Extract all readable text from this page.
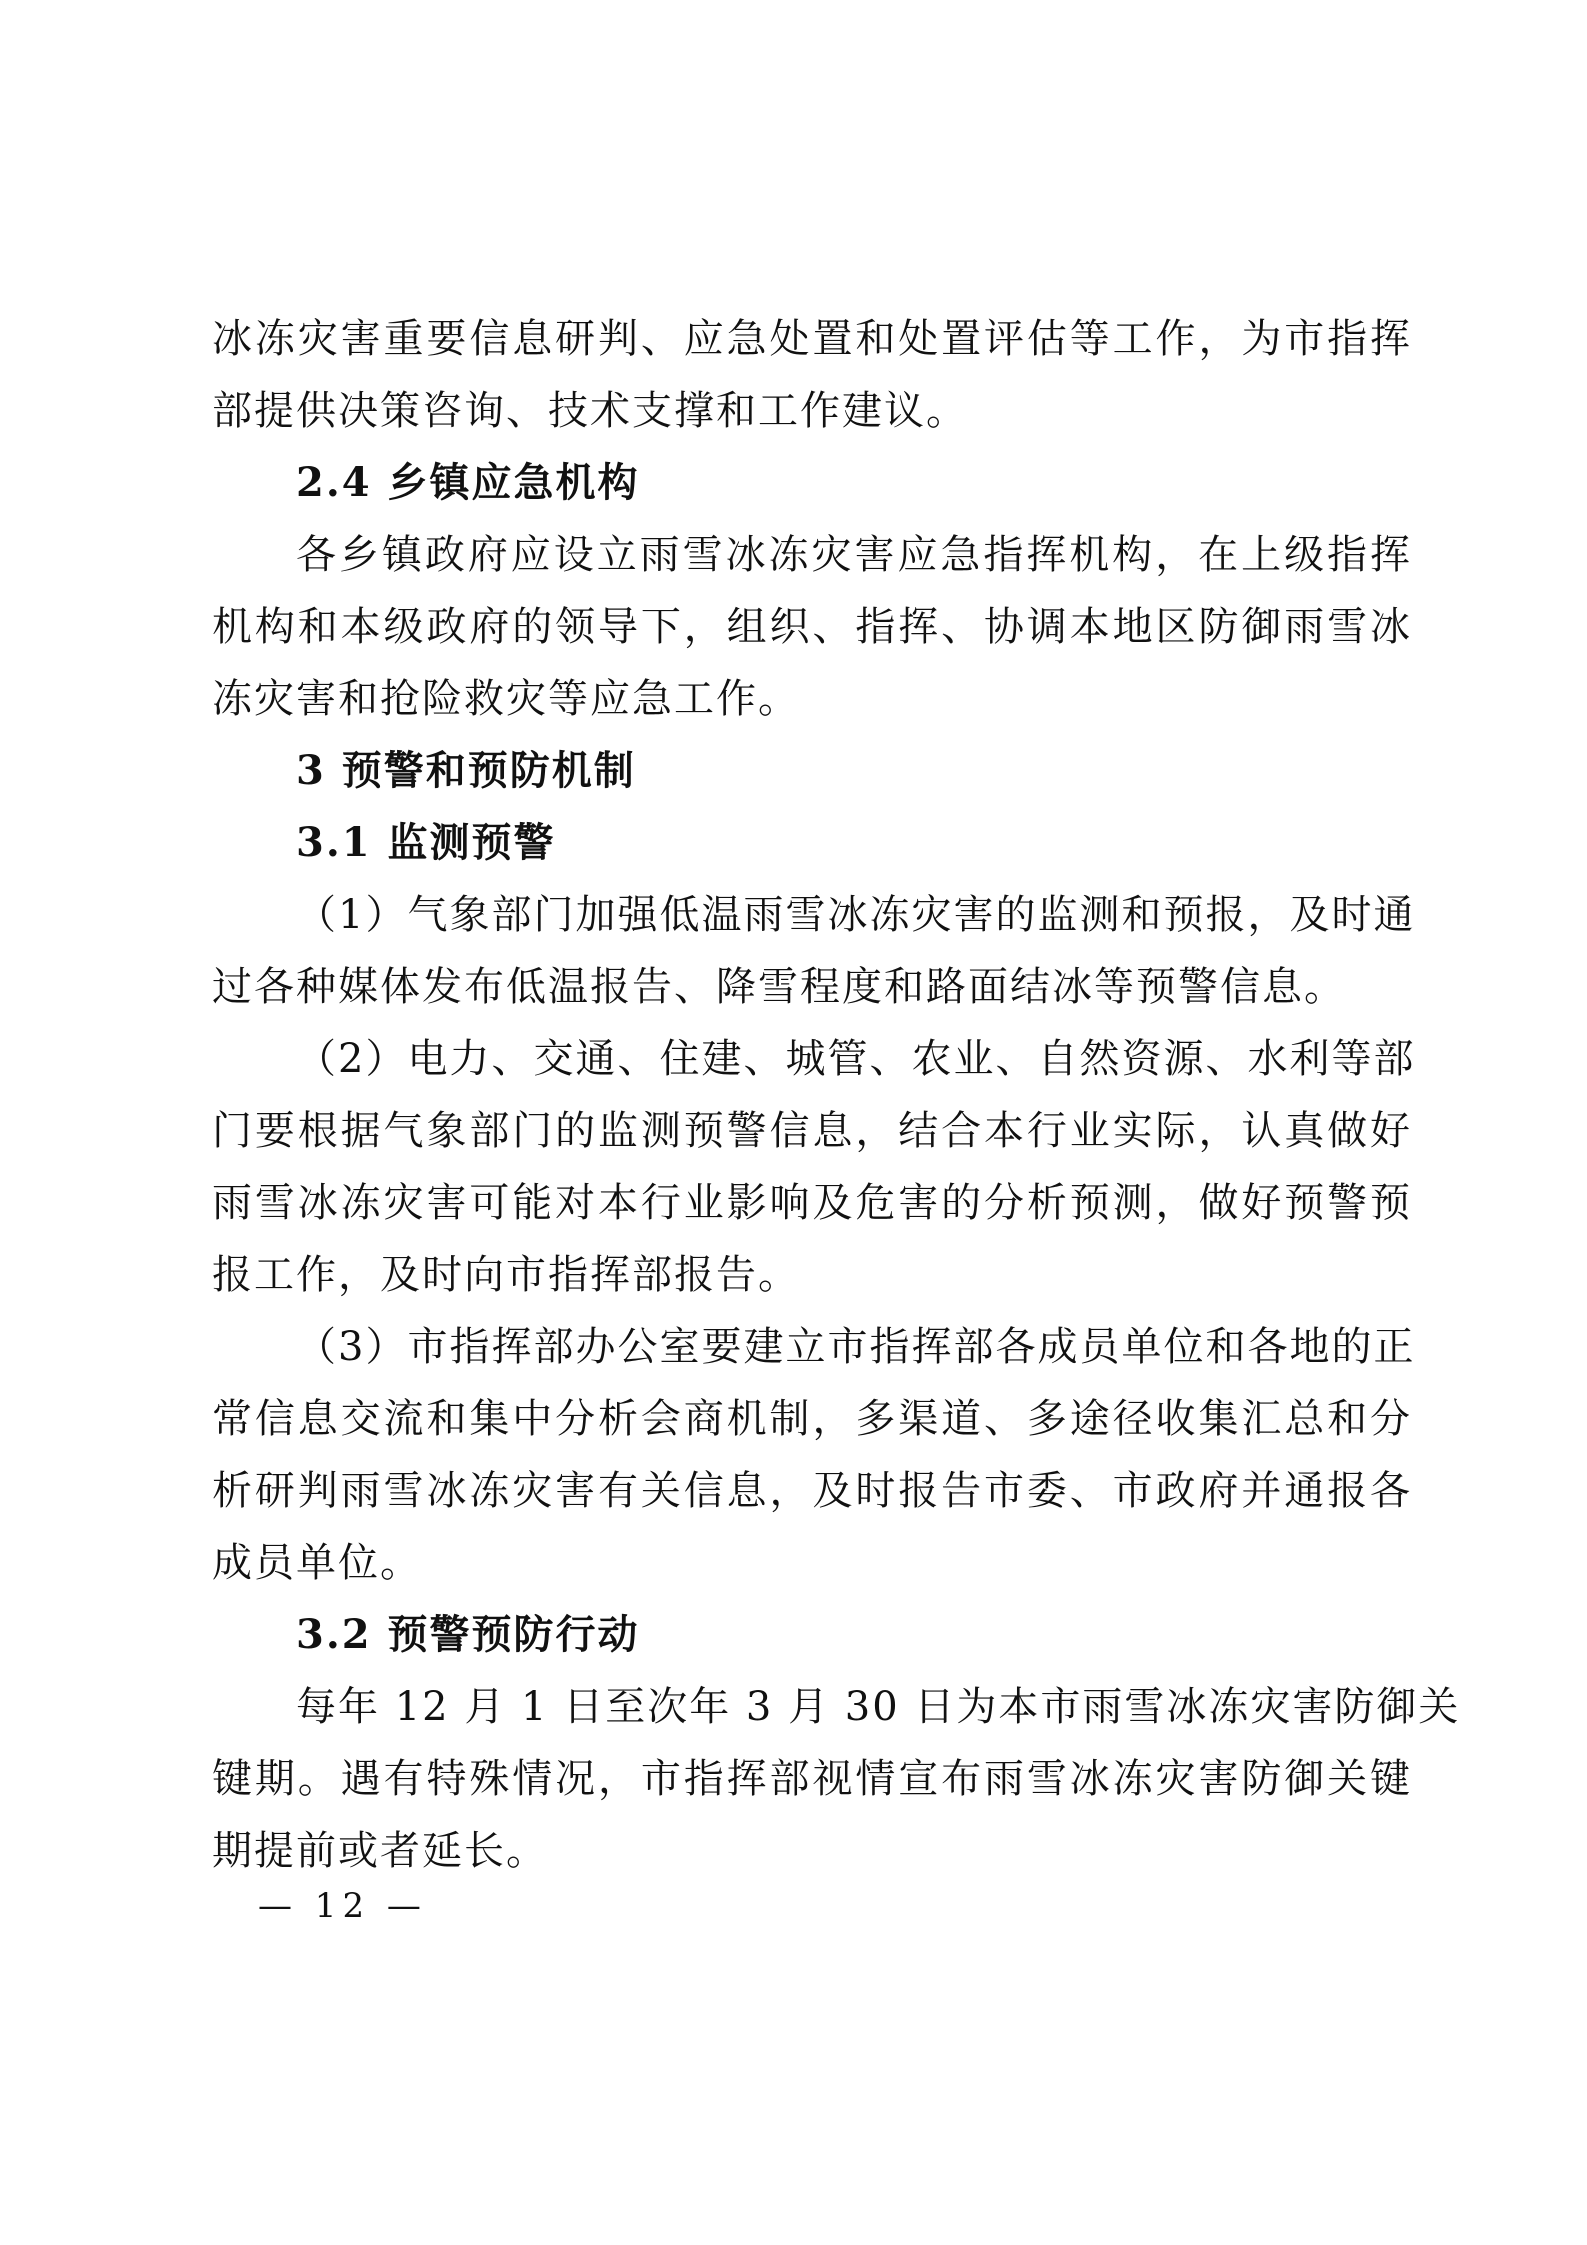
冰冻灾害重要信息研判、应急处置和处置评估等工作，为市指挥
部提供决策咨询、技术支撑和工作建议。
2.4 乡镇应急机构
各乡镇政府应设立雨雪冰冻灾害应急指挥机构，在上级指挥
机构和本级政府的领导下，组织、指挥、协调本地区防御雨雪冰
冻灾害和抢险救灾等应急工作。
3 预警和预防机制
3.1 监测预警
（1）气象部门加强低温雨雪冰冻灾害的监测和预报，及时通
过各种媒体发布低温报告、降雪程度和路面结冰等预警信息。
（2）电力、交通、住建、城管、农业、自然资源、水利等部
门要根据气象部门的监测预警信息，结合本行业实际，认真做好
雨雪冰冻灾害可能对本行业影响及危害的分析预测，做好预警预
报工作，及时向市指挥部报告。
（3）市指挥部办公室要建立市指挥部各成员单位和各地的正
常信息交流和集中分析会商机制，多渠道、多途径收集汇总和分
析研判雨雪冰冻灾害有关信息，及时报告市委、市政府并通报各
成员单位。
3.2 预警预防行动
每年 12 月 1 日至次年 3 月 30 日为本市雨雪冰冻灾害防御关
键期。遇有特殊情况，市指挥部视情宣布雨雪冰冻灾害防御关键
期提前或者延长。
— 12 —
